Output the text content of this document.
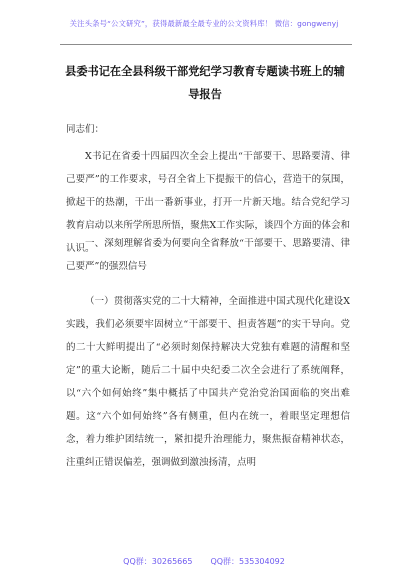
关注头条号“公文研究”，获得最新最全最专业的公文资料库！ 微信：gongwenyj
县委书记在全县科级干部党纪学习教育专题读书班上的辅
导报告
同志们：
X书记在省委十四届四次全会上提出“干部要干、思路要清、律己要严”的工作要求，号召全省上下提振干的信心，营造干的氛围，掀起干的热潮，干出一番新事业，打开一片新天地。结合党纪学习教育启动以来所学所思所悟，聚焦X工作实际，谈四个方面的体会和认识。
一、深刻理解省委为何要向全省释放“干部要干、思路要清、律己要严”的强烈信号
（一）贯彻落实党的二十大精神，全面推进中国式现代化建设X实践，我们必须要牢固树立“干部要干、担责答题”的实干导向。党的二十大鲜明提出了“必须时刻保持解决大党独有难题的清醒和坚定”的重大论断，随后二十届中央纪委二次全会进行了系统阐释，以“六个如何始终”集中概括了中国共产党治党治国面临的突出难题。这“六个如何始终”各有侧重，但内在统一，着眼坚定理想信念，着力维护团结统一，紧扣提升治理能力，聚焦振奋精神状态，注重纠正错误偏差，强调做到激浊扬清，点明
QQ群：30265665 QQ群：535304092
